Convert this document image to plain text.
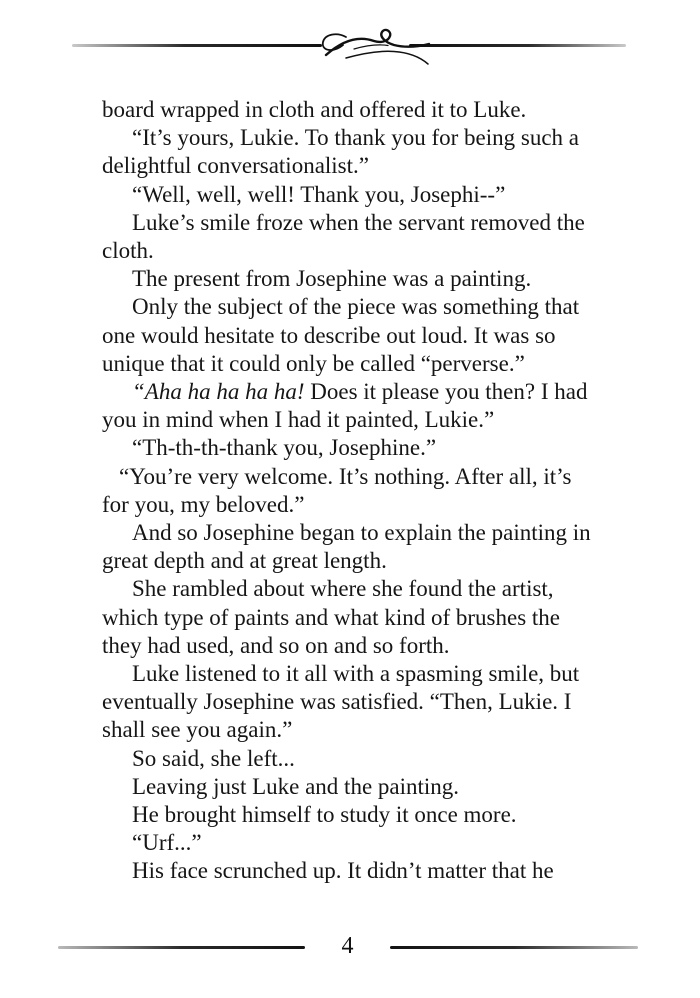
board wrapped in cloth and offered it to Luke.
“It’s yours, Lukie. To thank you for being such a
delightful conversationalist.”
“Well, well, well! Thank you, Josephi--”
Luke’s smile froze when the servant removed the
cloth.
The present from Josephine was a painting.
Only the subject of the piece was something that
one would hesitate to describe out loud. It was so
unique that it could only be called “perverse.”
“Aha ha ha ha ha! Does it please you then? I had
you in mind when I had it painted, Lukie.”
“Th-th-th-thank you, Josephine.”
“You’re very welcome. It’s nothing. After all, it’s
for you, my beloved.”
And so Josephine began to explain the painting in
great depth and at great length.
She rambled about where she found the artist,
which type of paints and what kind of brushes the
they had used, and so on and so forth.
Luke listened to it all with a spasming smile, but
eventually Josephine was satisfied. “Then, Lukie. I
shall see you again.”
So said, she left...
Leaving just Luke and the painting.
He brought himself to study it once more.
“Urf...”
His face scrunched up. It didn’t matter that he
4
